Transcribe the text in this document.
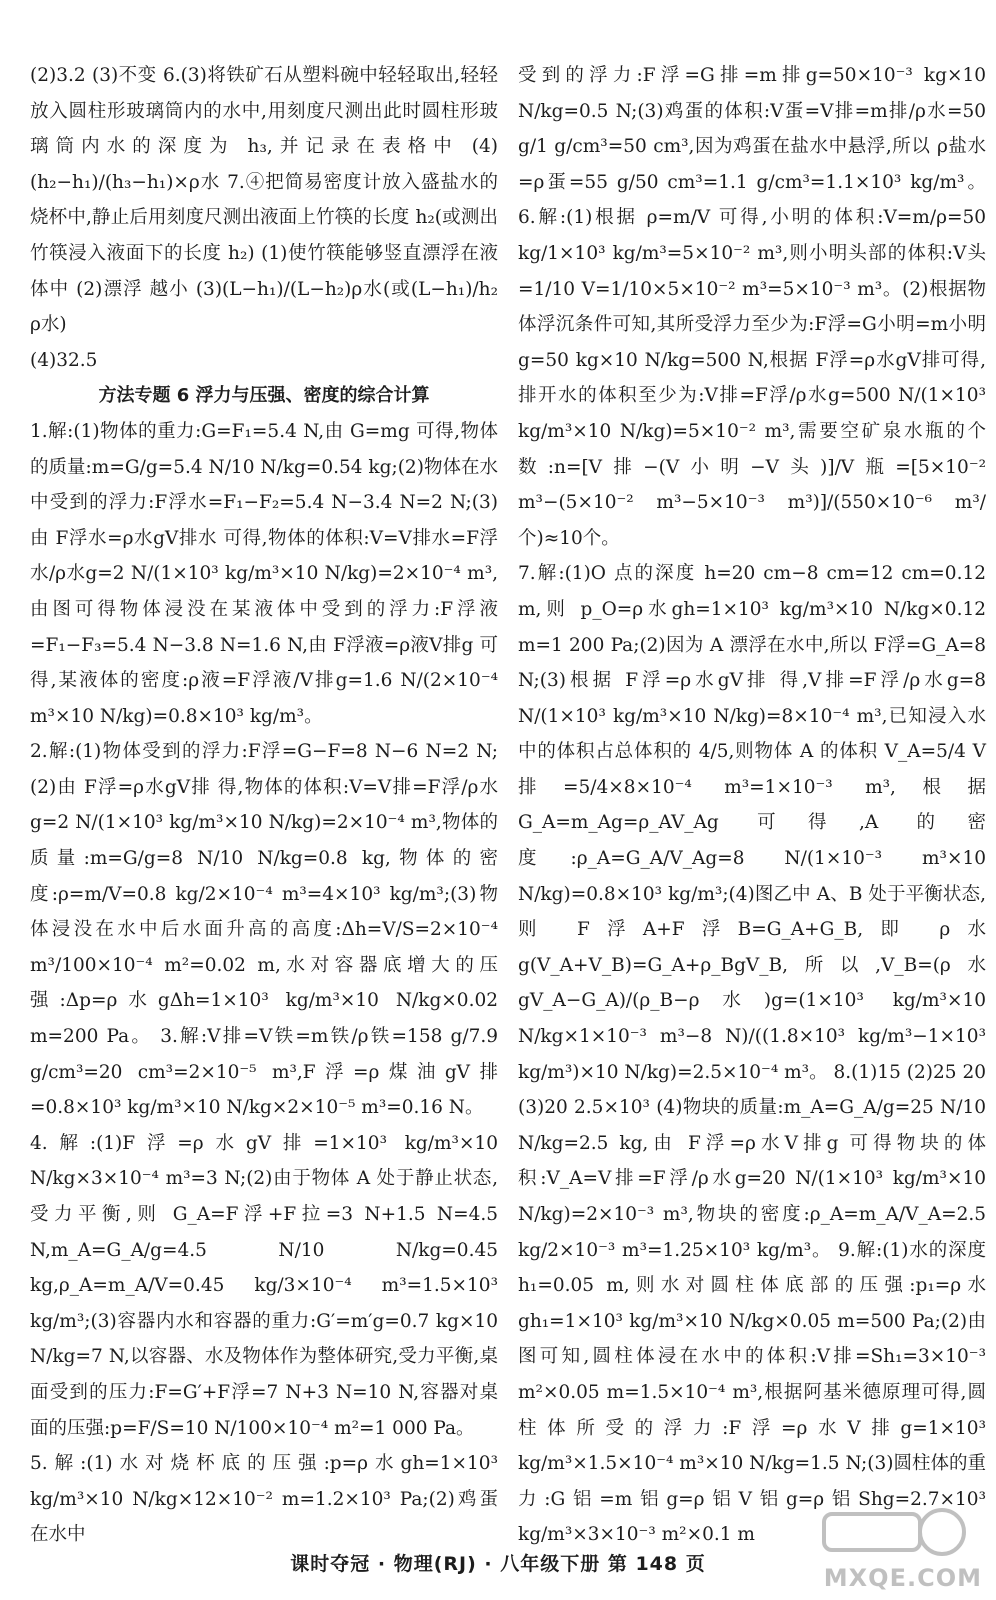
(2)3.2 (3)不变 6.(3)将铁矿石从塑料碗中轻轻取出,轻轻放入圆柱形玻璃筒内的水中,用刻度尺测出此时圆柱形玻璃筒内水的深度为 h₃,并记录在表格中 (4)(h₂−h₁)/(h₃−h₁)×ρ水 7.④把简易密度计放入盛盐水的烧杯中,静止后用刻度尺测出液面上竹筷的长度 h₂(或测出竹筷浸入液面下的长度 h₂) (1)使竹筷能够竖直漂浮在液体中 (2)漂浮 越小 (3)(L−h₁)/(L−h₂)ρ水(或(L−h₁)/h₂ ρ水)

(4)32.5

方法专题 6 浮力与压强、密度的综合计算

1.解:(1)物体的重力:G=F₁=5.4 N,由 G=mg 可得,物体的质量:m=G/g=5.4 N/10 N/kg=0.54 kg;(2)物体在水中受到的浮力:F浮水=F₁−F₂=5.4 N−3.4 N=2 N;(3)由 F浮水=ρ水gV排水 可得,物体的体积:V=V排水=F浮水/ρ水g=2 N/(1×10³ kg/m³×10 N/kg)=2×10⁻⁴ m³,由图可得物体浸没在某液体中受到的浮力:F浮液=F₁−F₃=5.4 N−3.8 N=1.6 N,由 F浮液=ρ液V排g 可得,某液体的密度:ρ液=F浮液/V排g=1.6 N/(2×10⁻⁴ m³×10 N/kg)=0.8×10³ kg/m³。

2.解:(1)物体受到的浮力:F浮=G−F=8 N−6 N=2 N;(2)由 F浮=ρ水gV排 得,物体的体积:V=V排=F浮/ρ水g=2 N/(1×10³ kg/m³×10 N/kg)=2×10⁻⁴ m³,物体的质量:m=G/g=8 N/10 N/kg=0.8 kg,物体的密度:ρ=m/V=0.8 kg/2×10⁻⁴ m³=4×10³ kg/m³;(3)物体浸没在水中后水面升高的高度:Δh=V/S=2×10⁻⁴ m³/100×10⁻⁴ m²=0.02 m,水对容器底增大的压强:Δp=ρ水gΔh=1×10³ kg/m³×10 N/kg×0.02 m=200 Pa。 3.解:V排=V铁=m铁/ρ铁=158 g/7.9 g/cm³=20 cm³=2×10⁻⁵ m³,F浮=ρ煤油gV排=0.8×10³ kg/m³×10 N/kg×2×10⁻⁵ m³=0.16 N。

4.解:(1)F浮=ρ水gV排=1×10³ kg/m³×10 N/kg×3×10⁻⁴ m³=3 N;(2)由于物体 A 处于静止状态,受力平衡,则 G_A=F浮+F拉=3 N+1.5 N=4.5 N,m_A=G_A/g=4.5 N/10 N/kg=0.45 kg,ρ_A=m_A/V=0.45 kg/3×10⁻⁴ m³=1.5×10³ kg/m³;(3)容器内水和容器的重力:G′=m′g=0.7 kg×10 N/kg=7 N,以容器、水及物体作为整体研究,受力平衡,桌面受到的压力:F=G′+F浮=7 N+3 N=10 N,容器对桌面的压强:p=F/S=10 N/100×10⁻⁴ m²=1 000 Pa。

5.解:(1)水对烧杯底的压强:p=ρ水gh=1×10³ kg/m³×10 N/kg×12×10⁻² m=1.2×10³ Pa;(2)鸡蛋在水中

受到的浮力:F浮=G排=m排g=50×10⁻³ kg×10 N/kg=0.5 N;(3)鸡蛋的体积:V蛋=V排=m排/ρ水=50 g/1 g/cm³=50 cm³,因为鸡蛋在盐水中悬浮,所以 ρ盐水=ρ蛋=55 g/50 cm³=1.1 g/cm³=1.1×10³ kg/m³。 6.解:(1)根据 ρ=m/V 可得,小明的体积:V=m/ρ=50 kg/1×10³ kg/m³=5×10⁻² m³,则小明头部的体积:V头=1/10 V=1/10×5×10⁻² m³=5×10⁻³ m³。(2)根据物体浮沉条件可知,其所受浮力至少为:F浮=G小明=m小明g=50 kg×10 N/kg=500 N,根据 F浮=ρ水gV排可得,排开水的体积至少为:V排=F浮/ρ水g=500 N/(1×10³ kg/m³×10 N/kg)=5×10⁻² m³,需要空矿泉水瓶的个数:n=[V排−(V小明−V头)]/V瓶=[5×10⁻² m³−(5×10⁻² m³−5×10⁻³ m³)]/(550×10⁻⁶ m³/个)≈10个。

7.解:(1)O 点的深度 h=20 cm−8 cm=12 cm=0.12 m,则 p_O=ρ水gh=1×10³ kg/m³×10 N/kg×0.12 m=1 200 Pa;(2)因为 A 漂浮在水中,所以 F浮=G_A=8 N;(3)根据 F浮=ρ水gV排 得,V排=F浮/ρ水g=8 N/(1×10³ kg/m³×10 N/kg)=8×10⁻⁴ m³,已知浸入水中的体积占总体积的 4/5,则物体 A 的体积 V_A=5/4 V排=5/4×8×10⁻⁴ m³=1×10⁻³ m³,根据 G_A=m_Ag=ρ_AV_Ag 可得,A 的密度:ρ_A=G_A/V_Ag=8 N/(1×10⁻³ m³×10 N/kg)=0.8×10³ kg/m³;(4)图乙中 A、B 处于平衡状态,则 F浮A+F浮B=G_A+G_B,即 ρ水g(V_A+V_B)=G_A+ρ_BgV_B,所以,V_B=(ρ水gV_A−G_A)/(ρ_B−ρ水)g=(1×10³ kg/m³×10 N/kg×1×10⁻³ m³−8 N)/((1.8×10³ kg/m³−1×10³ kg/m³)×10 N/kg)=2.5×10⁻⁴ m³。 8.(1)15 (2)25 20 (3)20 2.5×10³ (4)物块的质量:m_A=G_A/g=25 N/10 N/kg=2.5 kg,由 F浮=ρ水V排g 可得物块的体积:V_A=V排=F浮/ρ水g=20 N/(1×10³ kg/m³×10 N/kg)=2×10⁻³ m³,物块的密度:ρ_A=m_A/V_A=2.5 kg/2×10⁻³ m³=1.25×10³ kg/m³。 9.解:(1)水的深度 h₁=0.05 m,则水对圆柱体底部的压强:p₁=ρ水gh₁=1×10³ kg/m³×10 N/kg×0.05 m=500 Pa;(2)由图可知,圆柱体浸在水中的体积:V排=Sh₁=3×10⁻³ m²×0.05 m=1.5×10⁻⁴ m³,根据阿基米德原理可得,圆柱体所受的浮力:F浮=ρ水V排g=1×10³ kg/m³×1.5×10⁻⁴ m³×10 N/kg=1.5 N;(3)圆柱体的重力:G铝=m铝g=ρ铝V铝g=ρ铝Shg=2.7×10³ kg/m³×3×10⁻³ m²×0.1 m

课时夺冠 · 物理(RJ) · 八年级下册 第 148 页	MXQE.COM
